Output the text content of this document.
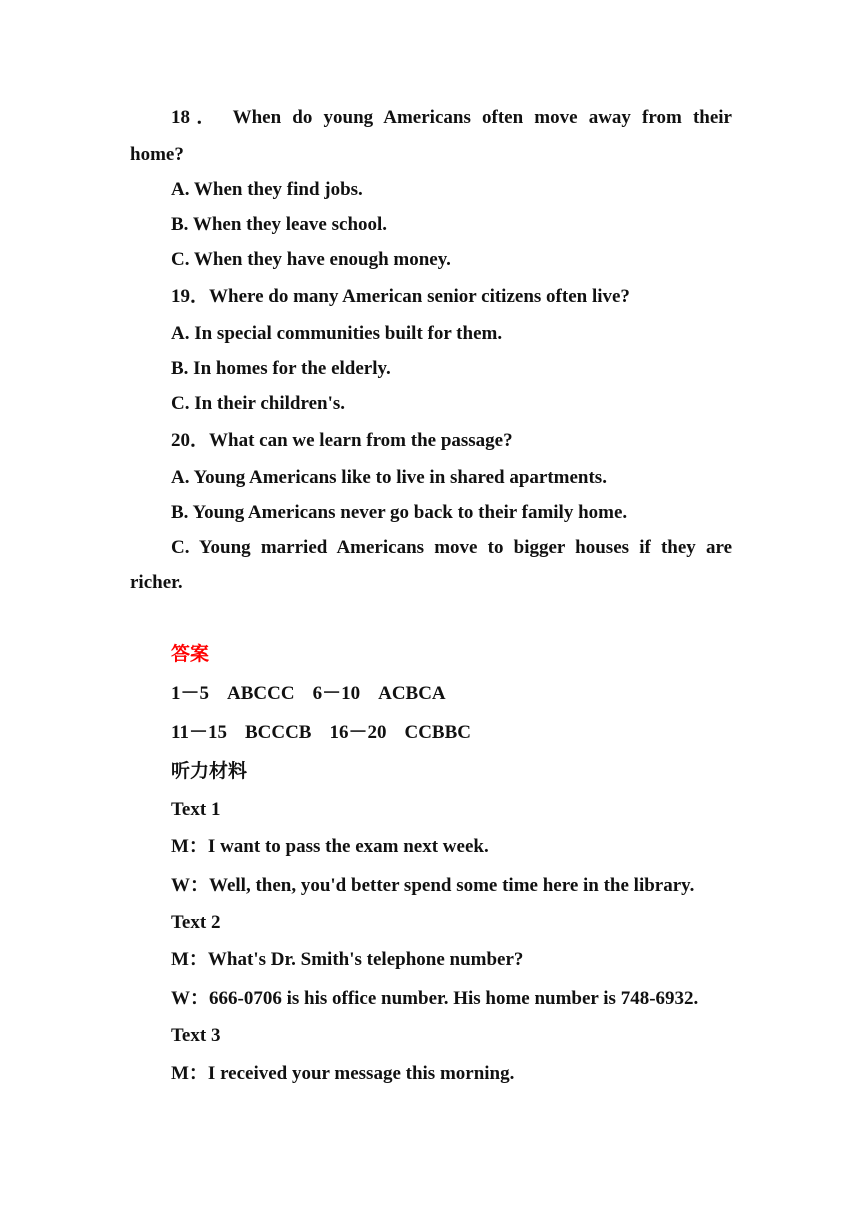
18． When do young Americans often move away from their
home?
A. When they find jobs.
B. When they leave school.
C. When they have enough money.
19．Where do many American senior citizens often live?
A. In special communities built for them.
B. In homes for the elderly.
C. In their children's.
20．What can we learn from the passage?
A. Young Americans like to live in shared apartments.
B. Young Americans never go back to their family home.
C. Young married Americans move to bigger houses if they are
richer.
答案
1－5 ABCCC 6－10 ACBCA
11－15 BCCCB 16－20 CCBBC
听力材料
Text 1
M：I want to pass the exam next week.
W：Well, then, you'd better spend some time here in the library.
Text 2
M：What's Dr. Smith's telephone number?
W：666-0706 is his office number. His home number is 748-6932.
Text 3
M：I received your message this morning.
